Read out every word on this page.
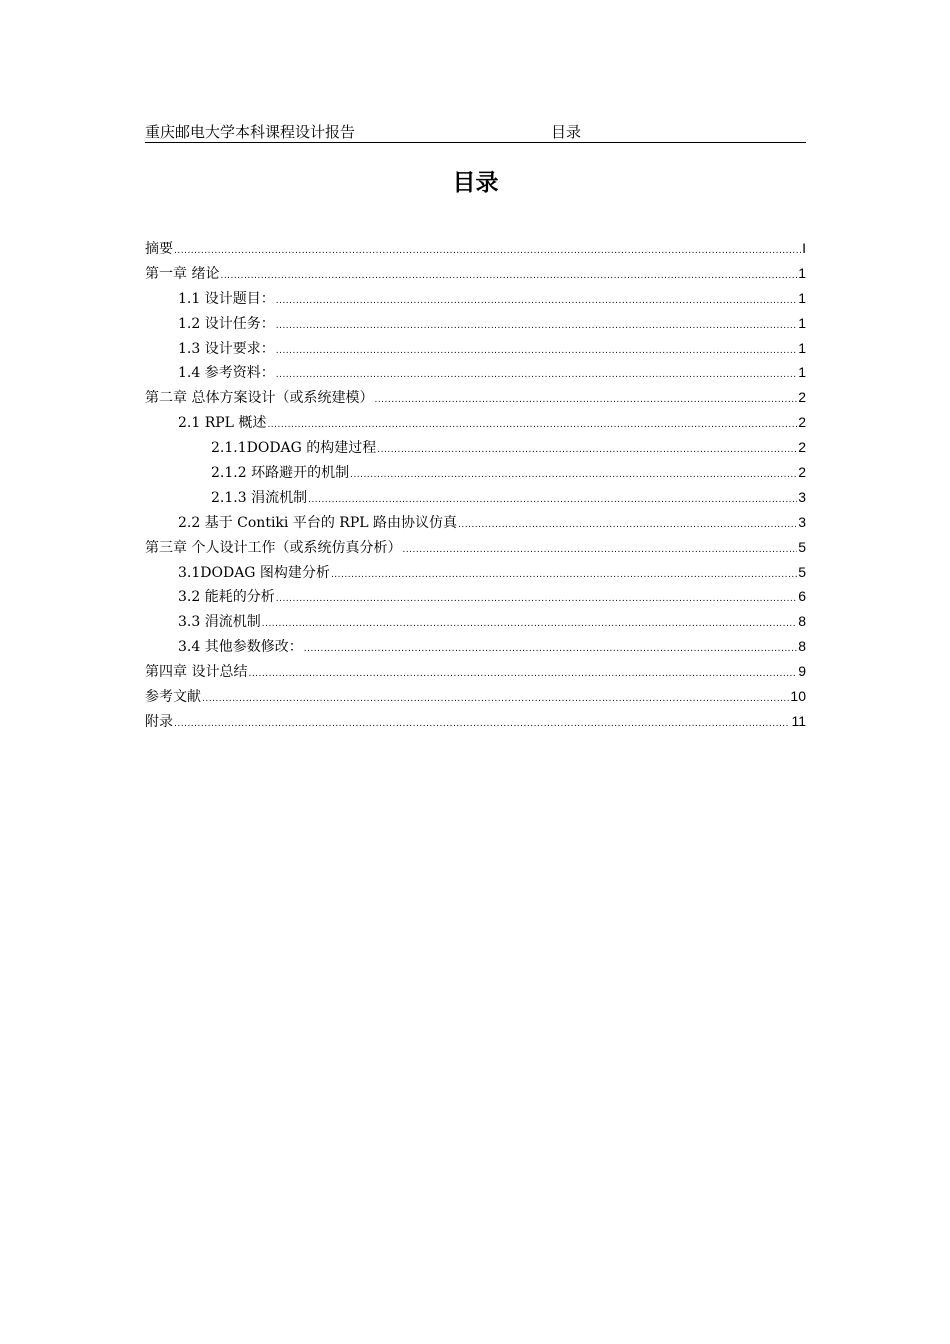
重庆邮电大学本科课程设计报告	目录
目录
摘要 .....	I
第一章 绪论 .....	1
1.1 设计题目： .....	1
1.2 设计任务： .....	1
1.3 设计要求： .....	1
1.4 参考资料： .....	1
第二章 总体方案设计（或系统建模） .....	2
2.1 RPL 概述 .....	2
2.1.1DODAG 的构建过程 .....	2
2.1.2 环路避开的机制 .....	2
2.1.3 涓流机制 .....	3
2.2 基于 Contiki 平台的 RPL 路由协议仿真 .....	3
第三章 个人设计工作（或系统仿真分析） .....	5
3.1DODAG 图构建分析 .....	5
3.2 能耗的分析 .....	6
3.3 涓流机制 .....	8
3.4 其他参数修改： .....	8
第四章 设计总结 .....	9
参考文献 .....	10
附录 .....	11
